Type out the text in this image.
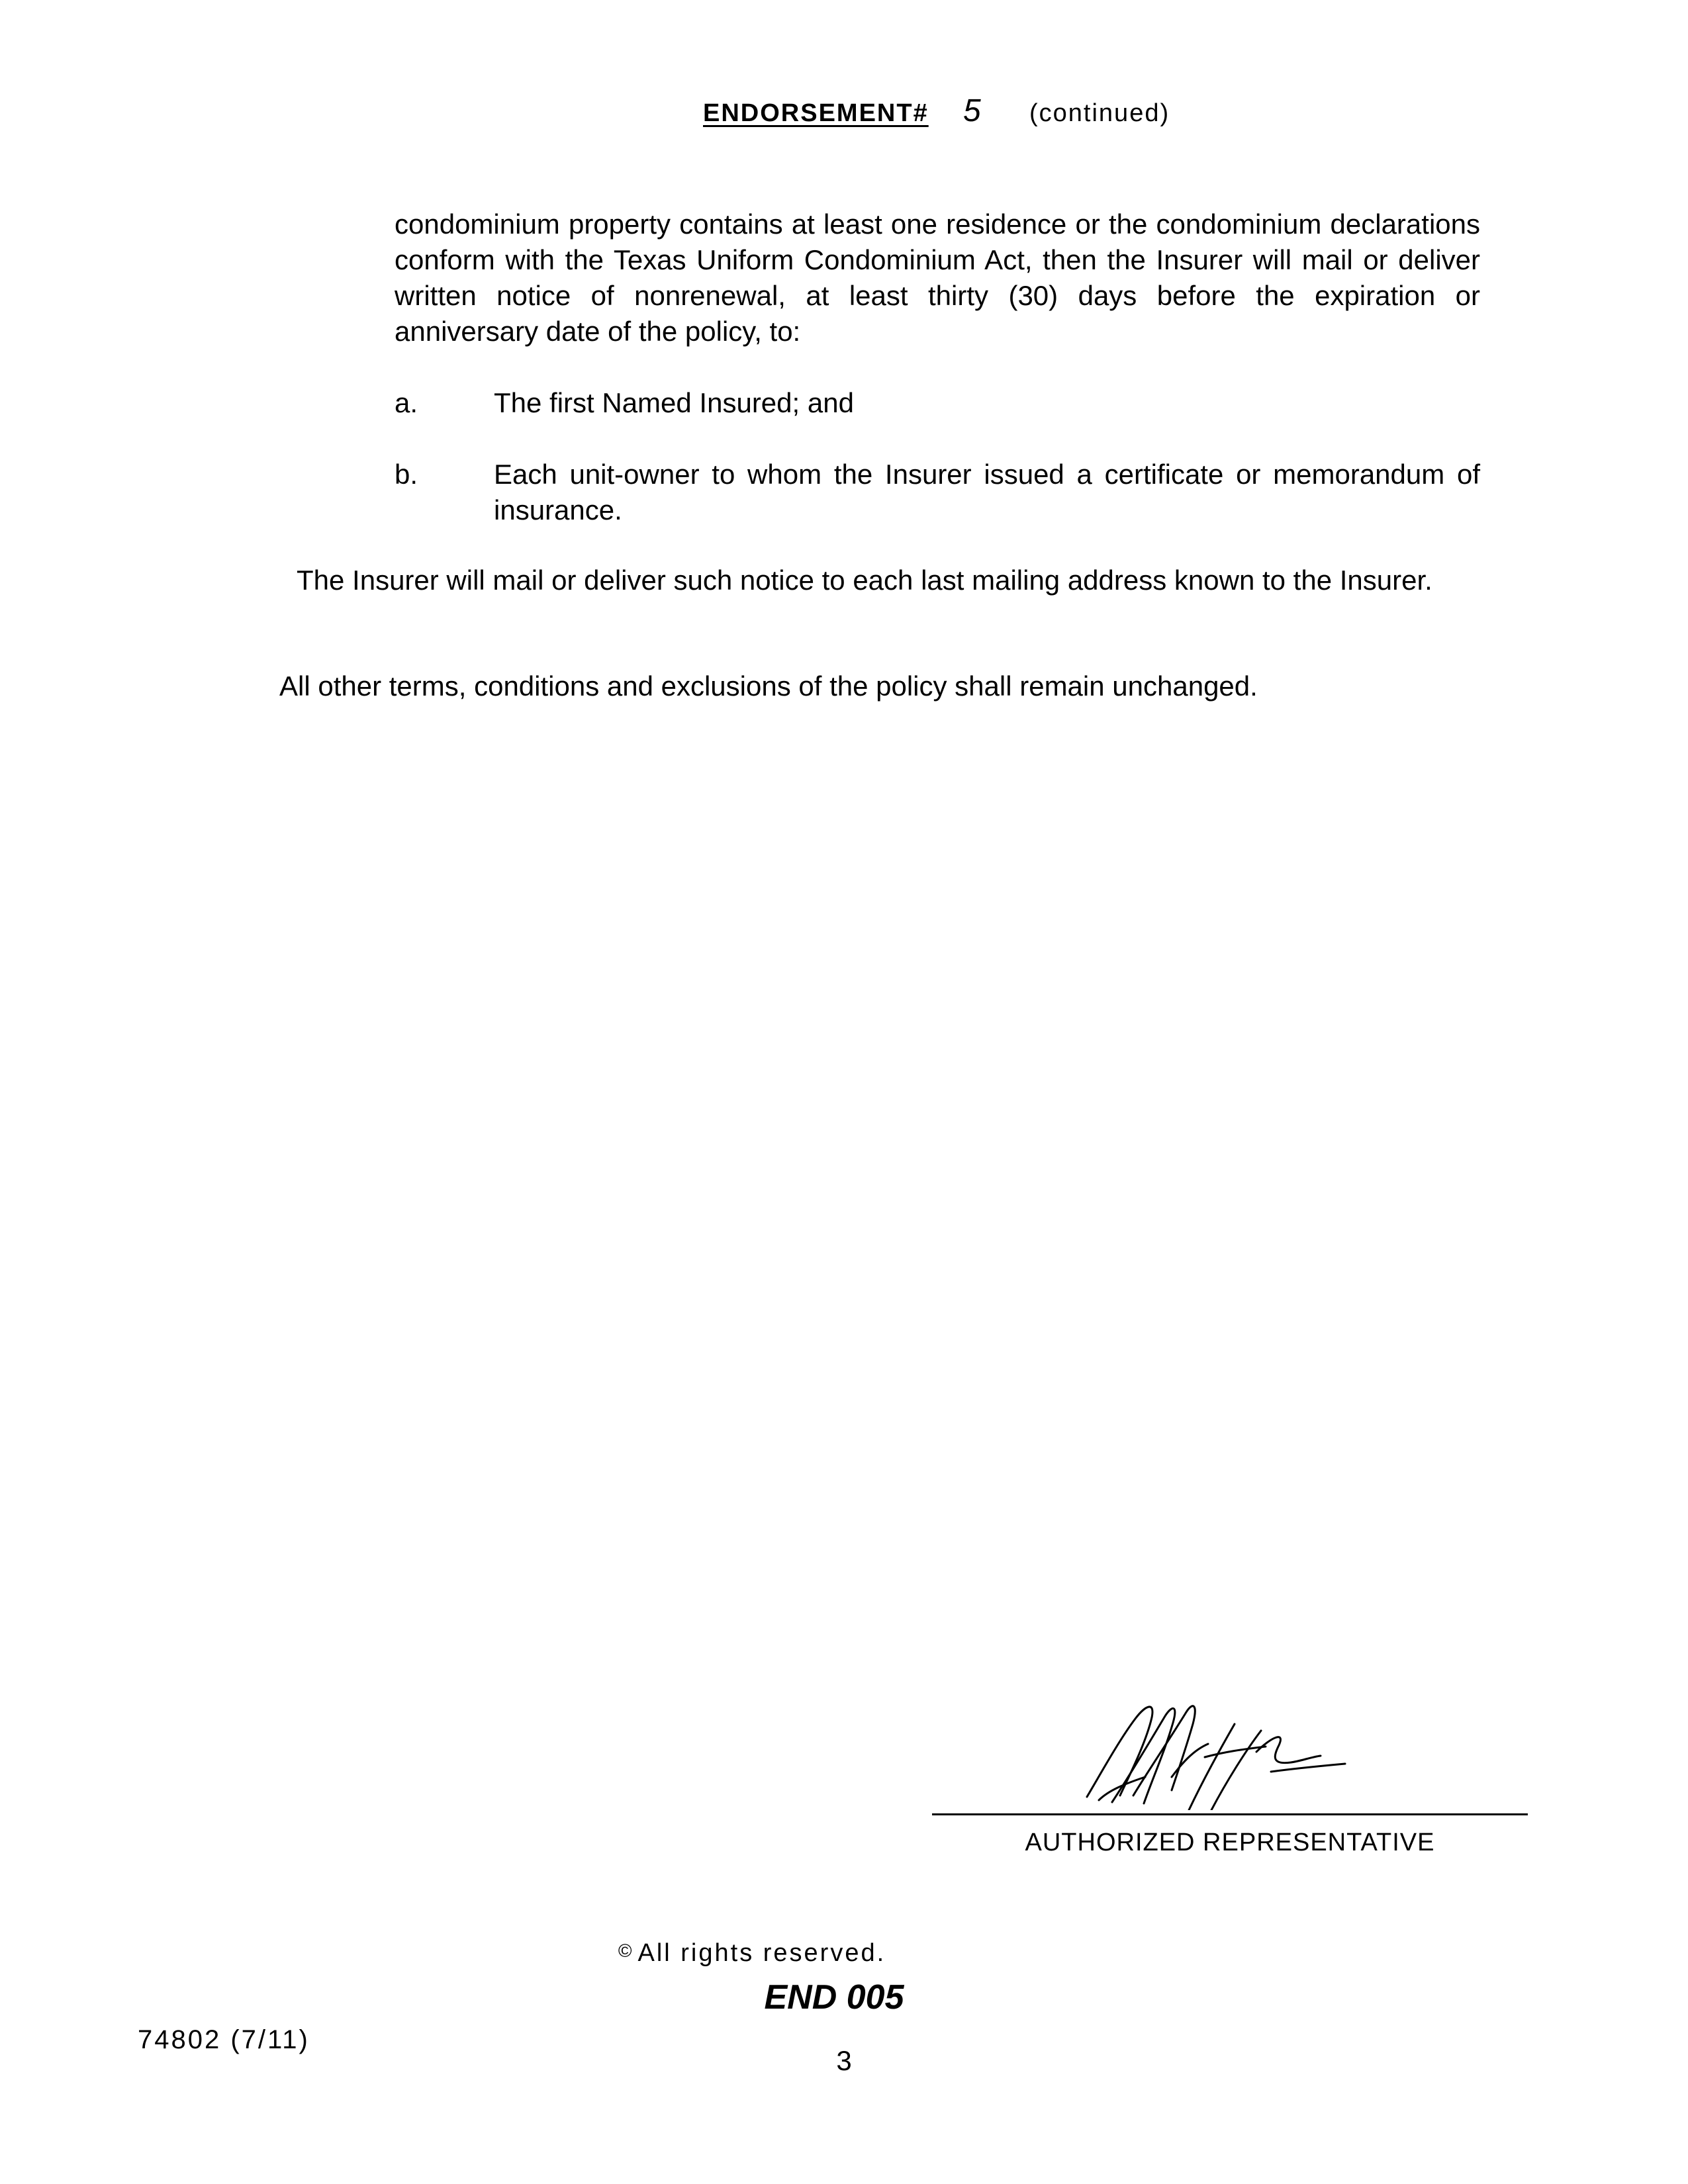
ENDORSEMENT# 5 (continued)
condominium property contains at least one residence or the condominium declarations conform with the Texas Uniform Condominium Act, then the Insurer will mail or deliver written notice of nonrenewal, at least thirty (30) days before the expiration or anniversary date of the policy, to:
a.	The first Named Insured; and
b.	Each unit-owner to whom the Insurer issued a certificate or memorandum of insurance.
The Insurer will mail or deliver such notice to each last mailing address known to the Insurer.
All other terms, conditions and exclusions of the policy shall remain unchanged.
AUTHORIZED REPRESENTATIVE
© All rights reserved.
END 005
74802 (7/11)
3
